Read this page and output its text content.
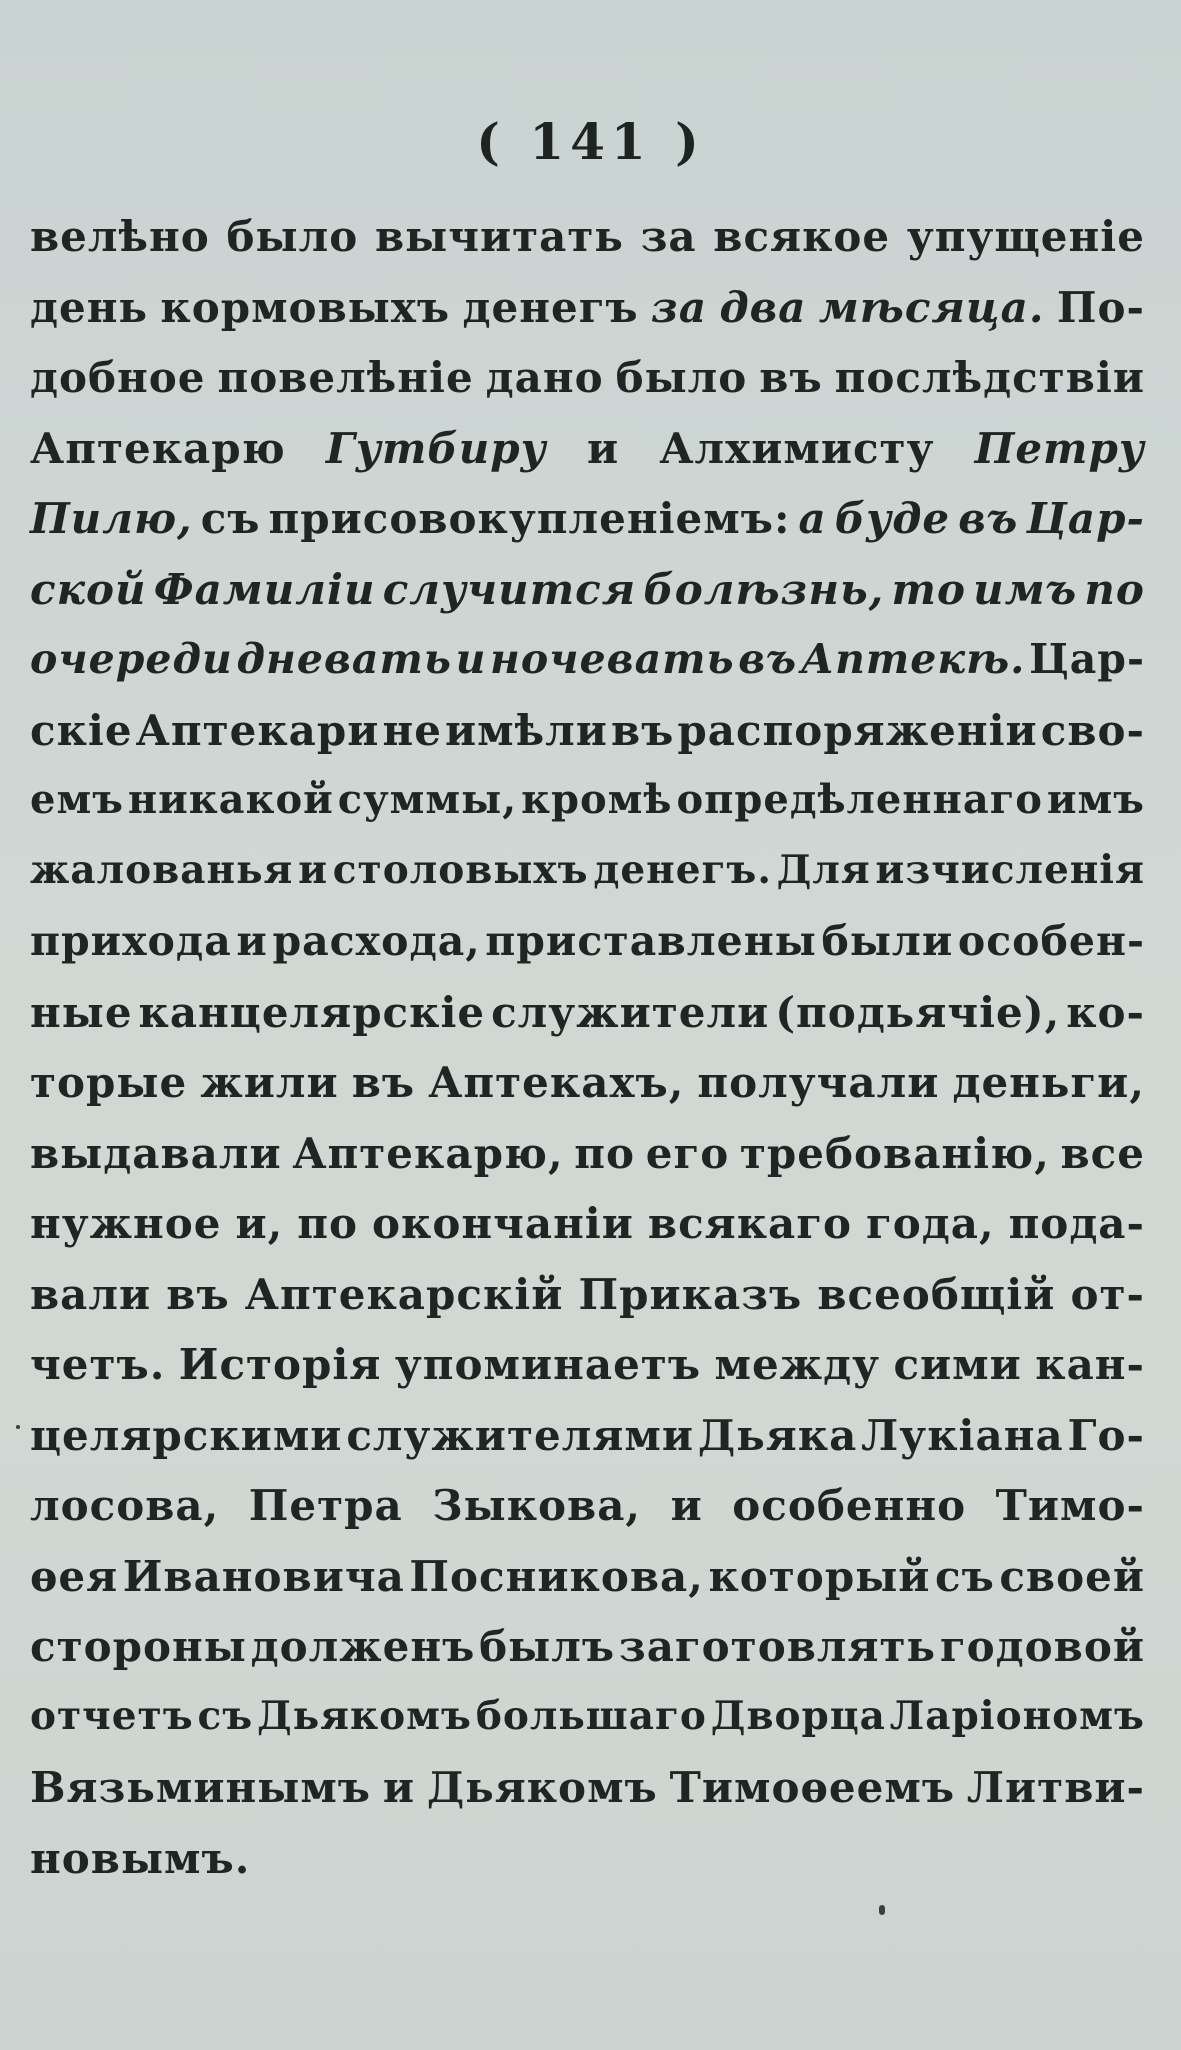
( 141 )
велѣно было вычитать за всякое упущеніе
день кормовыхъ денегъ за два мѣсяца. По-
добное повелѣніе дано было въ послѣдствіи
Аптекарю Гутбиру и Алхимисту Петру
Пилю, съ присовокупленіемъ: а буде въ Цар-
ской Фамиліи случится болѣзнь, то имъ по
очереди дневать и ночевать въ Аптекѣ. Цар-
скіе Аптекари не имѣли въ распоряженіи сво-
емъ никакой суммы, кромѣ опредѣленнаго имъ
жалованья и столовыхъ денегъ. Для изчисленія
прихода и расхода, приставлены были особен-
ные канцелярскіе служители (подьячіе), ко-
торые жили въ Аптекахъ, получали деньги,
выдавали Аптекарю, по его требованію, все
нужное и, по окончаніи всякаго года, пода-
вали въ Аптекарскій Приказъ всеобщій от-
четъ. Исторія упоминаетъ между сими кан-
целярскими служителями Дьяка Лукіана Го-
лосова, Петра Зыкова, и особенно Тимо-
ѳея Ивановича Посникова, который съ своей
стороны долженъ былъ заготовлять годовой
отчетъ съ Дьякомъ большаго Дворца Ларіономъ
Вязьминымъ и Дьякомъ Тимоѳеемъ Литви-
новымъ.
